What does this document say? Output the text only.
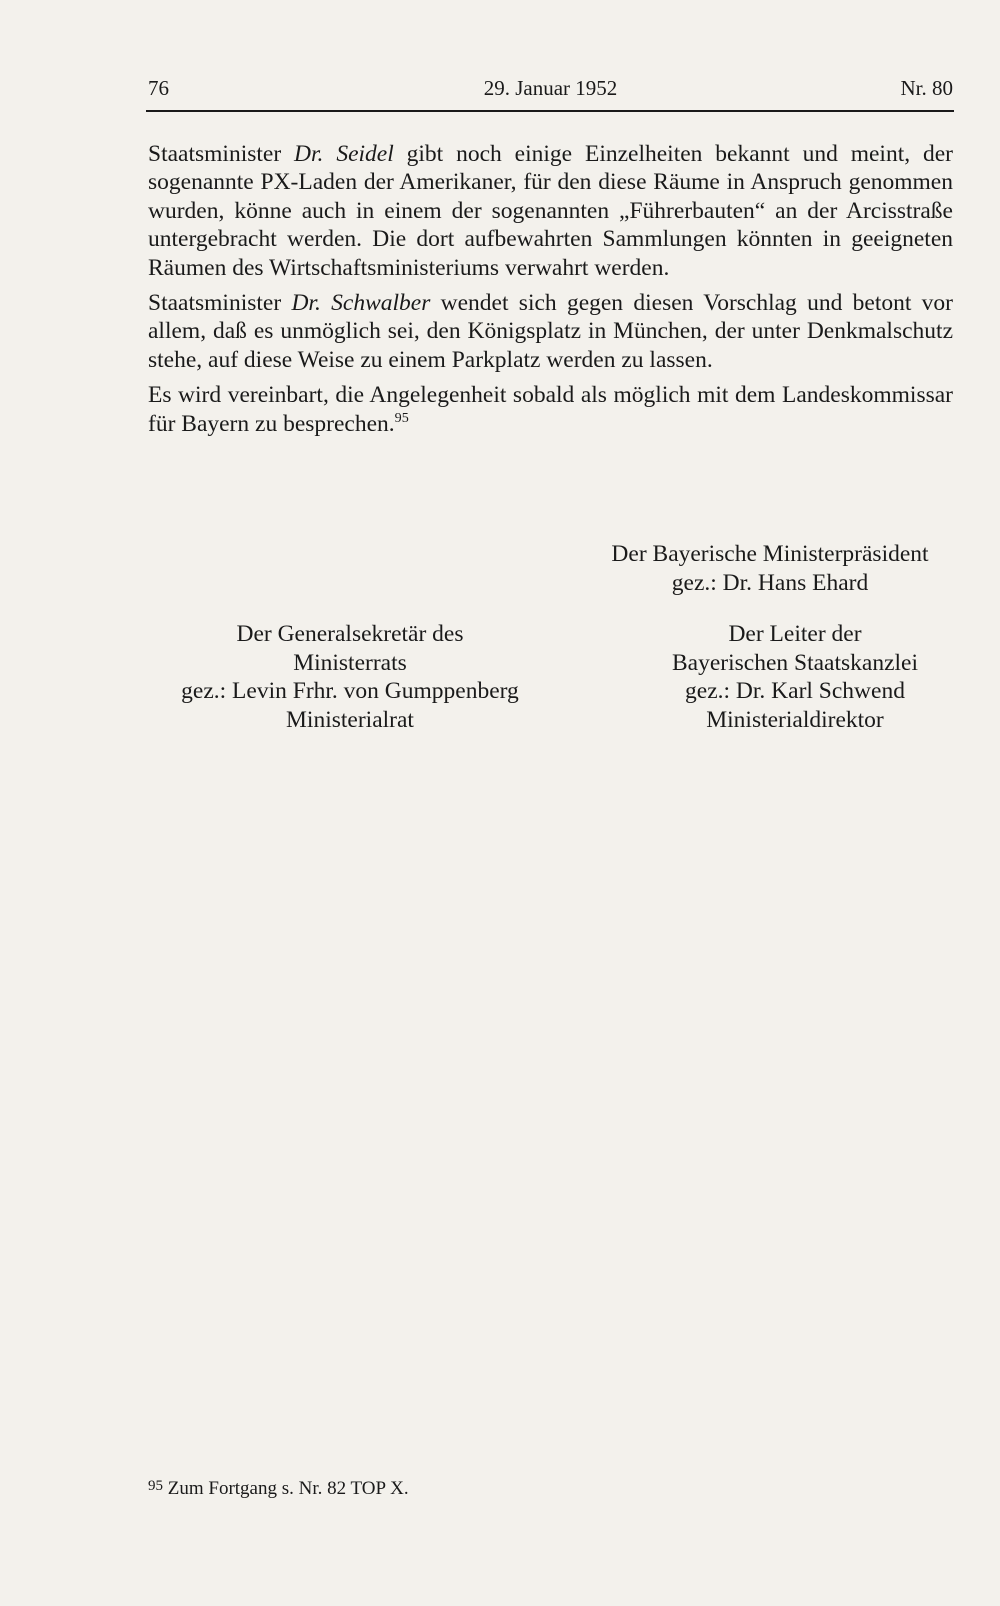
76	29. Januar 1952	Nr. 80

Staatsminister Dr. Seidel gibt noch einige Einzelheiten bekannt und meint, der sogenannte PX-Laden der Amerikaner, für den diese Räume in Anspruch genommen wurden, könne auch in einem der sogenannten „Führerbauten“ an der Arcisstraße untergebracht werden. Die dort aufbewahrten Sammlungen könnten in geeigneten Räumen des Wirtschaftsministeriums verwahrt werden.

Staatsminister Dr. Schwalber wendet sich gegen diesen Vorschlag und betont vor allem, daß es unmöglich sei, den Königsplatz in München, der unter Denkmalschutz stehe, auf diese Weise zu einem Parkplatz werden zu lassen.

Es wird vereinbart, die Angelegenheit sobald als möglich mit dem Landeskommissar für Bayern zu besprechen.$^{95}$

Der Bayerische Ministerpräsident
gez.: Dr. Hans Ehard
Der Generalsekretär des
Ministerrats
gez.: Levin Frhr. von Gumppenberg
Ministerialrat
Der Leiter der
Bayerischen Staatskanzlei
gez.: Dr. Karl Schwend
Ministerialdirektor
$^{95}$ Zum Fortgang s. Nr. 82 TOP X.
